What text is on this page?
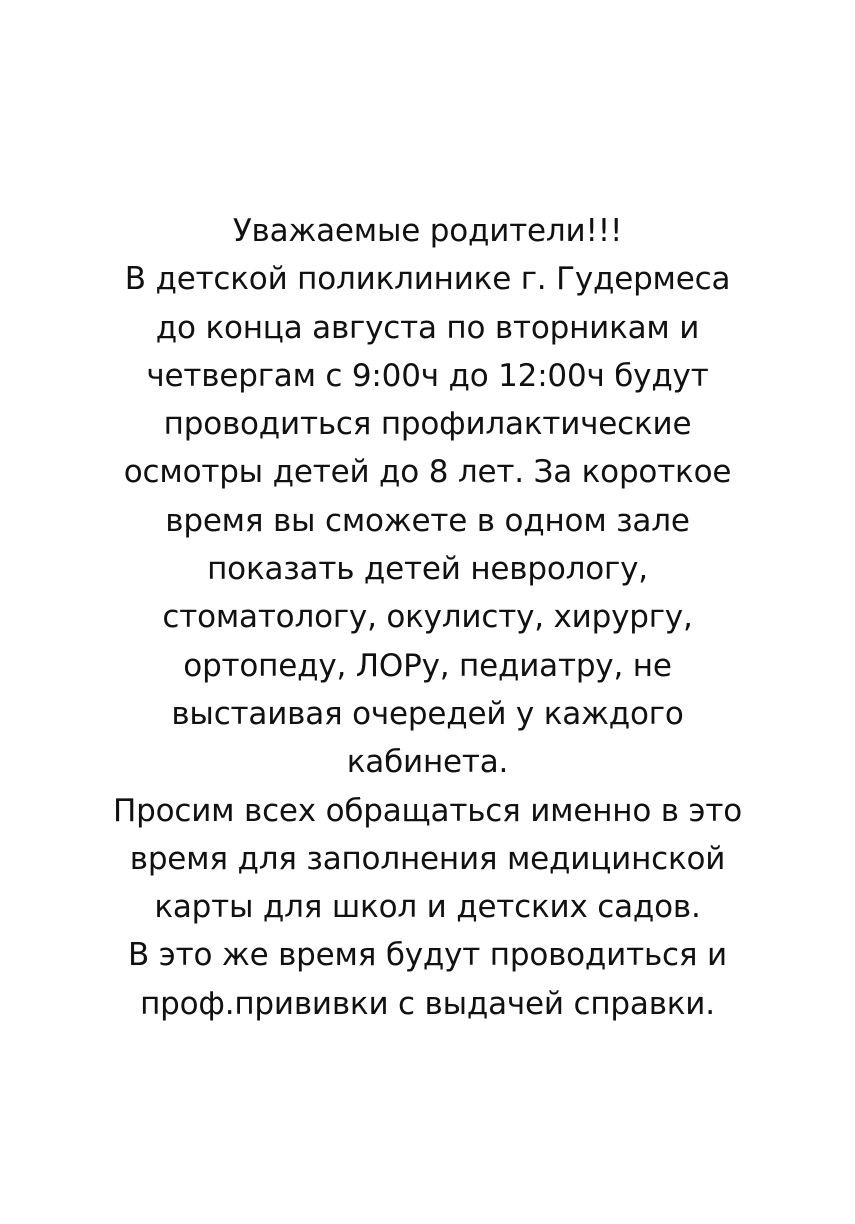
Уважаемые родители!!!
В детской поликлинике г. Гудермеса
до конца августа по вторникам и
четвергам с 9:00ч до 12:00ч будут
проводиться профилактические
осмотры детей до 8 лет. За короткое
время вы сможете в одном зале
показать детей неврологу,
стоматологу, окулисту, хирургу,
ортопеду, ЛОРу, педиатру, не
выстаивая очередей у каждого
кабинета.
Просим всех обращаться именно в это
время для заполнения медицинской
карты для школ и детских садов.
В это же время будут проводиться и
проф.прививки с выдачей справки.
